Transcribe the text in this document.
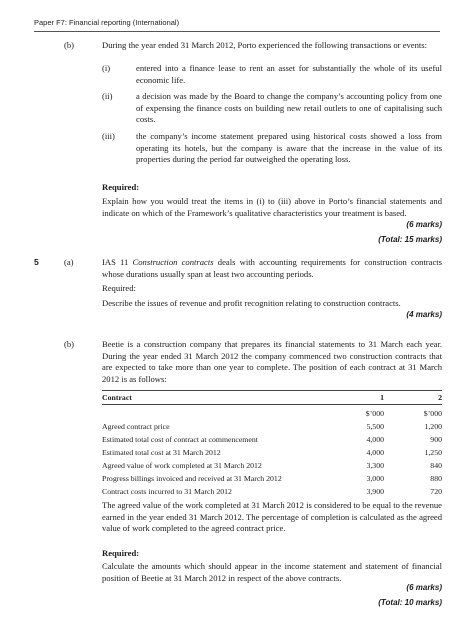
Paper F7: Financial reporting (International)
(b)	During the year ended 31 March 2012, Porto experienced the following transactions or events:
(i)	entered into a finance lease to rent an asset for substantially the whole of its useful economic life.
(ii)	a decision was made by the Board to change the company’s accounting policy from one of expensing the finance costs on building new retail outlets to one of capitalising such costs.
(iii) the company’s income statement prepared using historical costs showed a loss from operating its hotels, but the company is aware that the increase in the value of its properties during the period far outweighed the operating loss.
Required:
Explain how you would treat the items in (i) to (iii) above in Porto’s financial statements and indicate on which of the Framework’s qualitative characteristics your treatment is based.
(6 marks)
(Total: 15 marks)
5	(a)	IAS 11 Construction contracts deals with accounting requirements for construction contracts whose durations usually span at least two accounting periods.
Required:
Describe the issues of revenue and profit recognition relating to construction contracts.
(4 marks)
(b)	Beetie is a construction company that prepares its financial statements to 31 March each year. During the year ended 31 March 2012 the company commenced two construction contracts that are expected to take more than one year to complete. The position of each contract at 31 March 2012 is as follows:
Contract	1	2
	$’000	$’000
Agreed contract price	5,500	1,200
Estimated total cost of contract at commencement	4,000	900
Estimated total cost at 31 March 2012	4,000	1,250
Agreed value of work completed at 31 March 2012	3,300	840
Progress billings invoiced and received at 31 March 2012	3,000	880
Contract costs incurred to 31 March 2012	3,900	720
The agreed value of the work completed at 31 March 2012 is considered to be equal to the revenue earned in the year ended 31 March 2012. The percentage of completion is calculated as the agreed value of work completed to the agreed contract price.
Required:
Calculate the amounts which should appear in the income statement and statement of financial position of Beetie at 31 March 2012 in respect of the above contracts.
(6 marks)
(Total: 10 marks)
